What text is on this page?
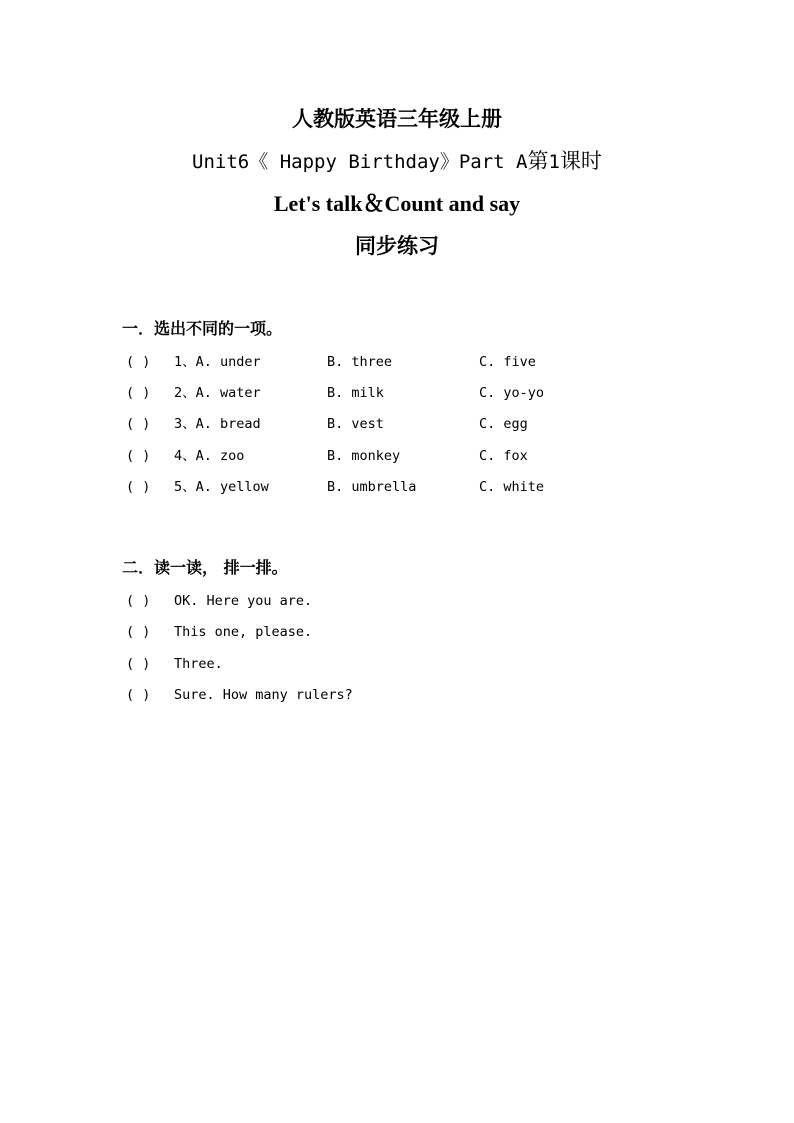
人教版英语三年级上册
Unit6《 Happy Birthday》Part A第1课时
Let's talk＆Count and say
同步练习
一．选出不同的一项。
( ) 1、A. under	B. three	C. five
( ) 2、A. water	B. milk	C. yo-yo
( ) 3、A. bread	B. vest	C. egg
( ) 4、A. zoo	B. monkey	C. fox
( ) 5、A. yellow	B. umbrella	C. white
二．读一读， 排一排。
( ) OK. Here you are.
( ) This one, please.
( ) Three.
( ) Sure. How many rulers?
